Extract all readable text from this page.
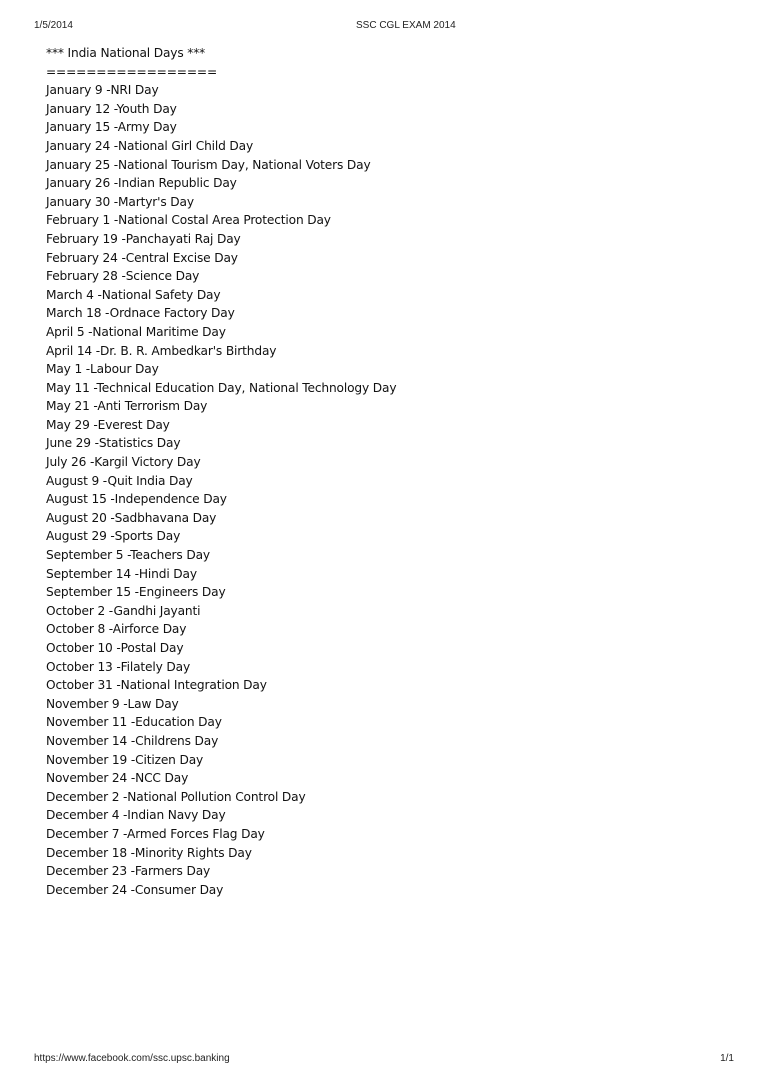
1/5/2014	SSC CGL EXAM 2014
*** India National Days ***
=================
January 9 -NRI Day
January 12 -Youth Day
January 15 -Army Day
January 24 -National Girl Child Day
January 25 -National Tourism Day, National Voters Day
January 26 -Indian Republic Day
January 30 -Martyr's Day
February 1 -National Costal Area Protection Day
February 19 -Panchayati Raj Day
February 24 -Central Excise Day
February 28 -Science Day
March 4 -National Safety Day
March 18 -Ordnace Factory Day
April 5 -National Maritime Day
April 14 -Dr. B. R. Ambedkar's Birthday
May 1 -Labour Day
May 11 -Technical Education Day, National Technology Day
May 21 -Anti Terrorism Day
May 29 -Everest Day
June 29 -Statistics Day
July 26 -Kargil Victory Day
August 9 -Quit India Day
August 15 -Independence Day
August 20 -Sadbhavana Day
August 29 -Sports Day
September 5 -Teachers Day
September 14 -Hindi Day
September 15 -Engineers Day
October 2 -Gandhi Jayanti
October 8 -Airforce Day
October 10 -Postal Day
October 13 -Filately Day
October 31 -National Integration Day
November 9 -Law Day
November 11 -Education Day
November 14 -Childrens Day
November 19 -Citizen Day
November 24 -NCC Day
December 2 -National Pollution Control Day
December 4 -Indian Navy Day
December 7 -Armed Forces Flag Day
December 18 -Minority Rights Day
December 23 -Farmers Day
December 24 -Consumer Day
https://www.facebook.com/ssc.upsc.banking	1/1
